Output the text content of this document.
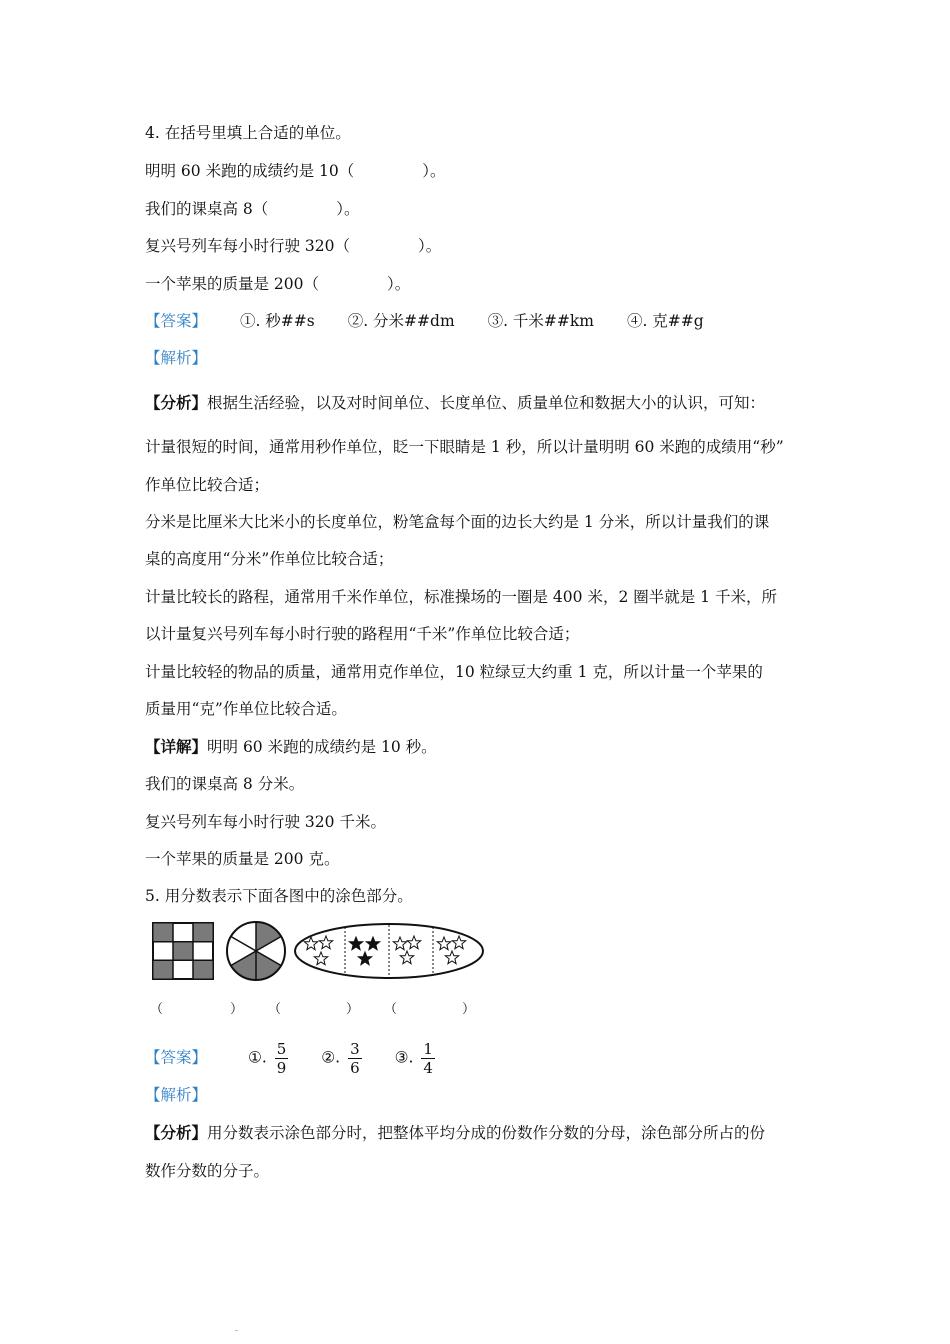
4. 在括号里填上合适的单位。
明明 60 米跑的成绩约是 10（	）。
我们的课桌高 8（	）。
复兴号列车每小时行驶 320（	）。
一个苹果的质量是 200（	）。
【答案】 ①. 秒##s ②. 分米##dm ③. 千米##km ④. 克##g
【解析】
【分析】根据生活经验，以及对时间单位、长度单位、质量单位和数据大小的认识，可知：
计量很短的时间，通常用秒作单位，眨一下眼睛是 1 秒，所以计量明明 60 米跑的成绩用“秒”
作单位比较合适；
分米是比厘米大比米小的长度单位，粉笔盒每个面的边长大约是 1 分米，所以计量我们的课
桌的高度用“分米”作单位比较合适；
计量比较长的路程，通常用千米作单位，标准操场的一圈是 400 米，2 圈半就是 1 千米，所
以计量复兴号列车每小时行驶的路程用“千米”作单位比较合适；
计量比较轻的物品的质量，通常用克作单位，10 粒绿豆大约重 1 克，所以计量一个苹果的
质量用“克”作单位比较合适。
【详解】明明 60 米跑的成绩约是 10 秒。
我们的课桌高 8 分米。
复兴号列车每小时行驶 320 千米。
一个苹果的质量是 200 克。
5. 用分数表示下面各图中的涂色部分。
（	） （	） （	）
【答案】	①. $\frac{5}{9}$ ②. $\frac{3}{6}$ ③. $\frac{1}{4}$
【解析】
【分析】用分数表示涂色部分时，把整体平均分成的份数作分数的分母，涂色部分所占的份
数作分数的分子。
